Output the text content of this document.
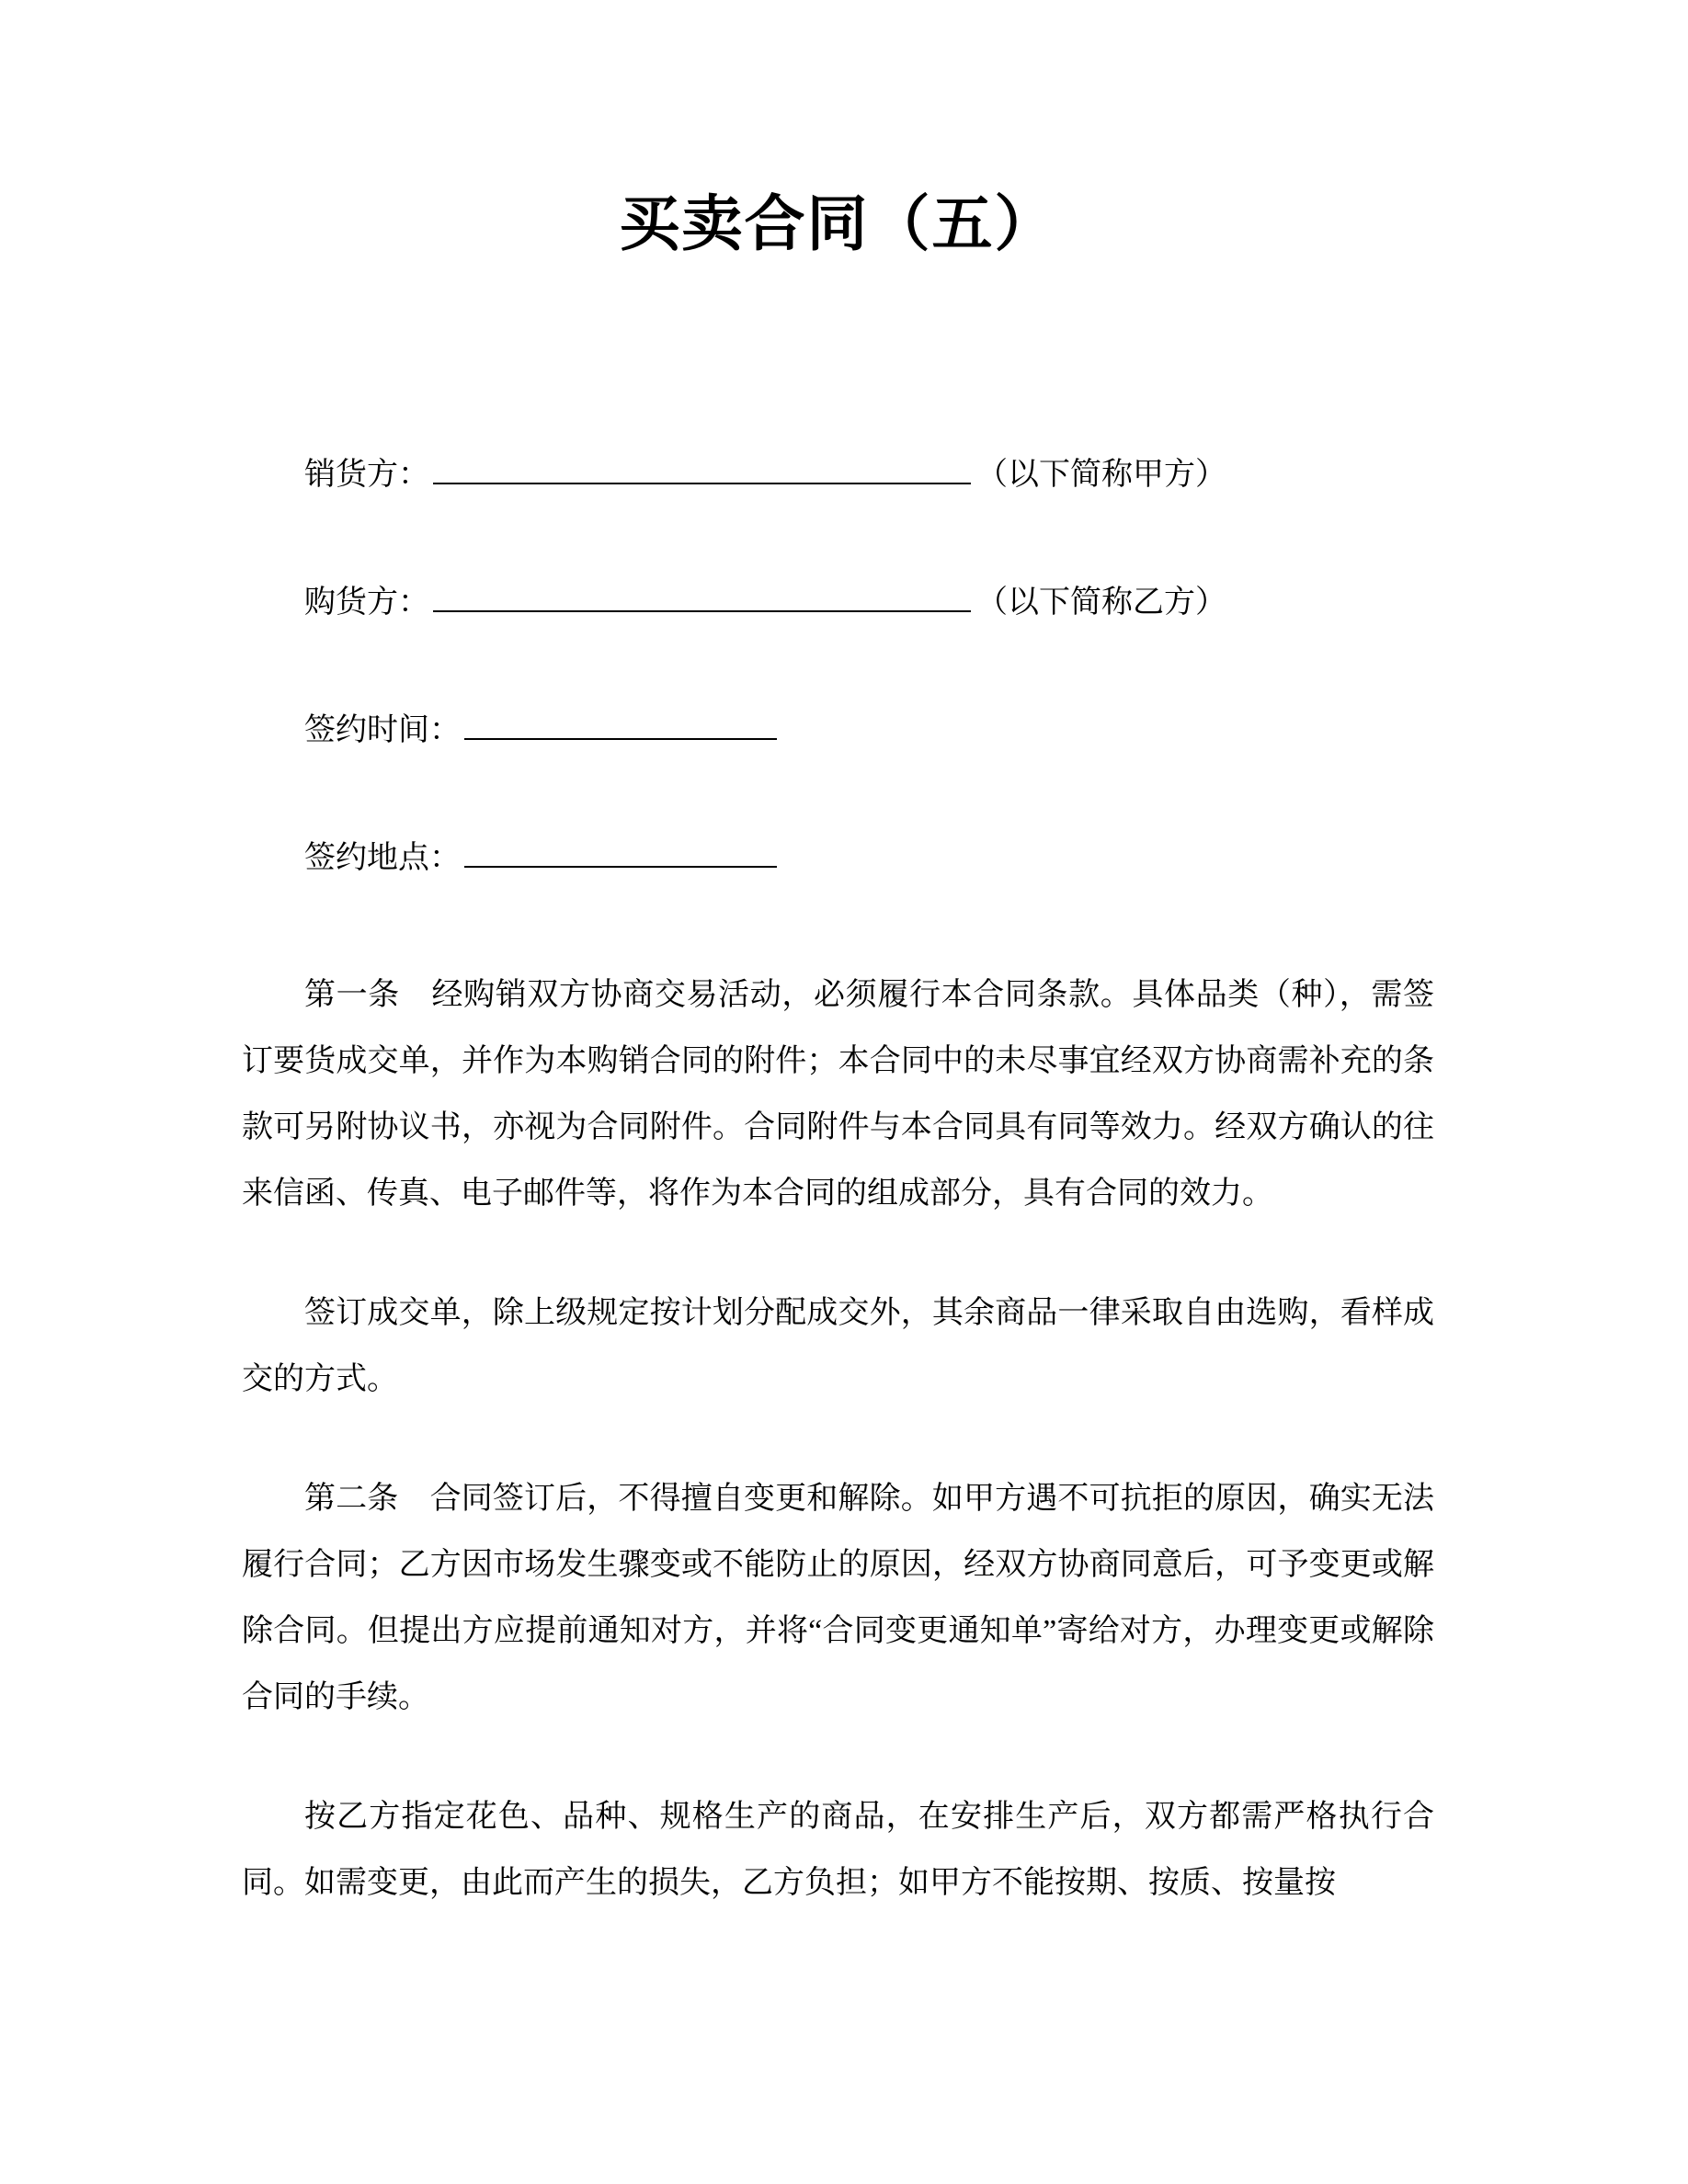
买卖合同（五）
销货方：	（以下简称甲方）
购货方：	（以下简称乙方）
签约时间：
签约地点：

第一条　经购销双方协商交易活动，必须履行本合同条款。具体品类（种），需签订要货成交单，并作为本购销合同的附件；本合同中的未尽事宜经双方协商需补充的条款可另附协议书，亦视为合同附件。合同附件与本合同具有同等效力。经双方确认的往来信函、传真、电子邮件等，将作为本合同的组成部分，具有合同的效力。

签订成交单，除上级规定按计划分配成交外，其余商品一律采取自由选购，看样成交的方式。

第二条　合同签订后，不得擅自变更和解除。如甲方遇不可抗拒的原因，确实无法履行合同；乙方因市场发生骤变或不能防止的原因，经双方协商同意后，可予变更或解除合同。但提出方应提前通知对方，并将“合同变更通知单”寄给对方，办理变更或解除合同的手续。

按乙方指定花色、品种、规格生产的商品，在安排生产后，双方都需严格执行合同。如需变更，由此而产生的损失，乙方负担；如甲方不能按期、按质、按量按
